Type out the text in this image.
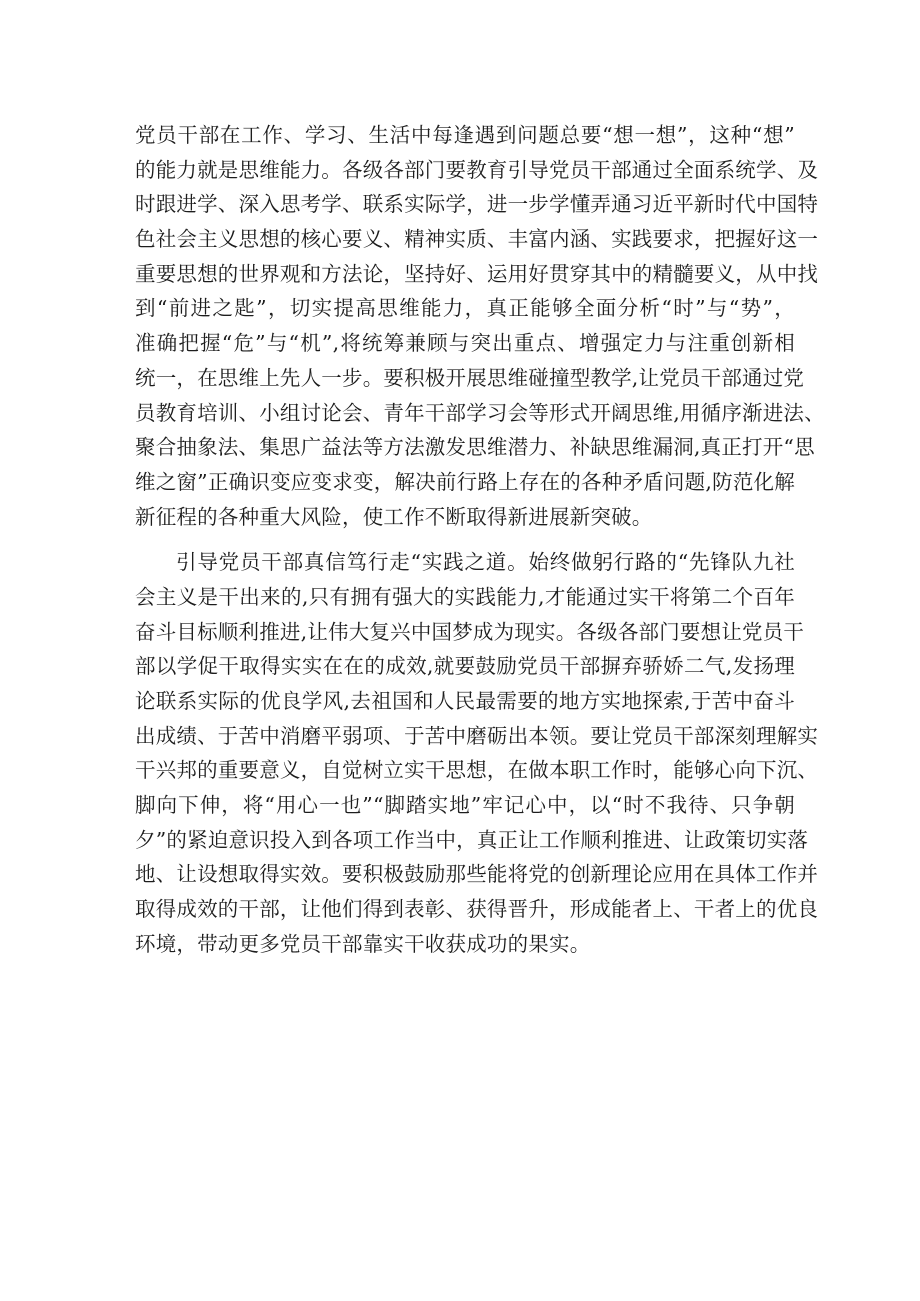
党员干部在工作、学习、生活中每逢遇到问题总要“想一想”，这种“想”
的能力就是思维能力。各级各部门要教育引导党员干部通过全面系统学、及
时跟进学、深入思考学、联系实际学，进一步学懂弄通习近平新时代中国特
色社会主义思想的核心要义、精神实质、丰富内涵、实践要求，把握好这一
重要思想的世界观和方法论，坚持好、运用好贯穿其中的精髓要义，从中找
到“前进之匙”，切实提高思维能力，真正能够全面分析“时”与“势”，
准确把握“危”与“机”,将统筹兼顾与突出重点、增强定力与注重创新相
统一，在思维上先人一步。要积极开展思维碰撞型教学,让党员干部通过党
员教育培训、小组讨论会、青年干部学习会等形式开阔思维,用循序渐进法、
聚合抽象法、集思广益法等方法激发思维潜力、补缺思维漏洞,真正打开“思
维之窗”正确识变应变求变，解决前行路上存在的各种矛盾问题,防范化解
新征程的各种重大风险，使工作不断取得新进展新突破。
引导党员干部真信笃行走“实践之道。始终做躬行路的“先锋队九社
会主义是干出来的,只有拥有强大的实践能力,才能通过实干将第二个百年
奋斗目标顺利推进,让伟大复兴中国梦成为现实。各级各部门要想让党员干
部以学促干取得实实在在的成效,就要鼓励党员干部摒弃骄娇二气,发扬理
论联系实际的优良学风,去祖国和人民最需要的地方实地探索,于苦中奋斗
出成绩、于苦中消磨平弱项、于苦中磨砺出本领。要让党员干部深刻理解实
干兴邦的重要意义，自觉树立实干思想，在做本职工作时，能够心向下沉、
脚向下伸，将“用心一也”“脚踏实地”牢记心中，以“时不我待、只争朝
夕”的紧迫意识投入到各项工作当中，真正让工作顺利推进、让政策切实落
地、让设想取得实效。要积极鼓励那些能将党的创新理论应用在具体工作并
取得成效的干部，让他们得到表彰、获得晋升，形成能者上、干者上的优良
环境，带动更多党员干部靠实干收获成功的果实。
